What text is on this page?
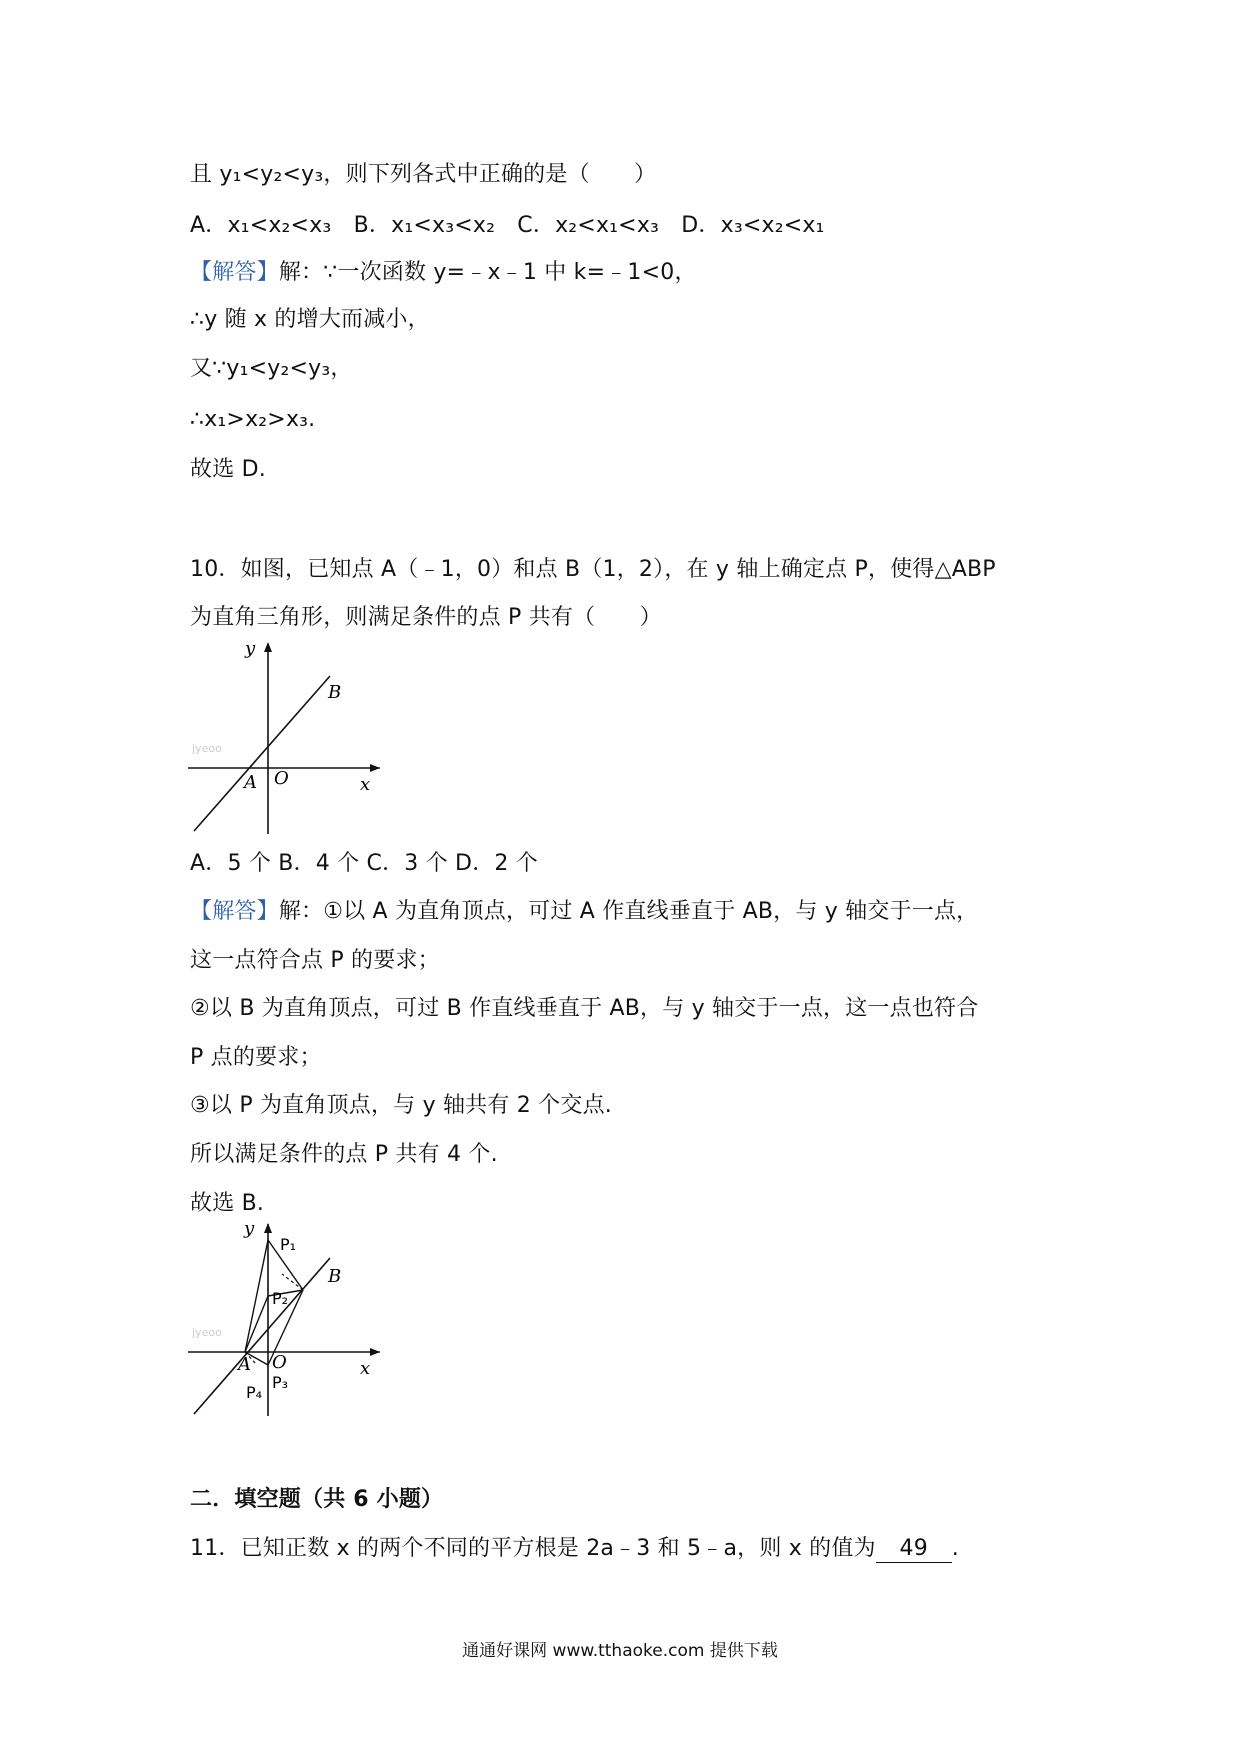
且 y₁<y₂<y₃，则下列各式中正确的是（　　）
A．x₁<x₂<x₃　B．x₁<x₃<x₂　C．x₂<x₁<x₃　D．x₃<x₂<x₁
【解答】解：∵一次函数 y=﹣x﹣1 中 k=﹣1<0，
∴y 随 x 的增大而减小，
又∵y₁<y₂<y₃，
∴x₁>x₂>x₃.
故选 D.
10．如图，已知点 A（﹣1，0）和点 B（1，2），在 y 轴上确定点 P，使得△ABP
为直角三角形，则满足条件的点 P 共有（　　）
jyeoo
A O	x
y
B
A．5 个 B．4 个 C．3 个 D．2 个
【解答】解：①以 A 为直角顶点，可过 A 作直线垂直于 AB，与 y 轴交于一点，
这一点符合点 P 的要求；
②以 B 为直角顶点，可过 B 作直线垂直于 AB，与 y 轴交于一点，这一点也符合
P 点的要求；
③以 P 为直角顶点，与 y 轴共有 2 个交点.
所以满足条件的点 P 共有 4 个.
故选 B.
jyeoo
A O	x
y
B
P₁
P₂
P₃
P₄
二．填空题（共 6 小题）
11．已知正数 x 的两个不同的平方根是 2a﹣3 和 5﹣a，则 x 的值为 49 .
通通好课网 www.tthaoke.com 提供下载
